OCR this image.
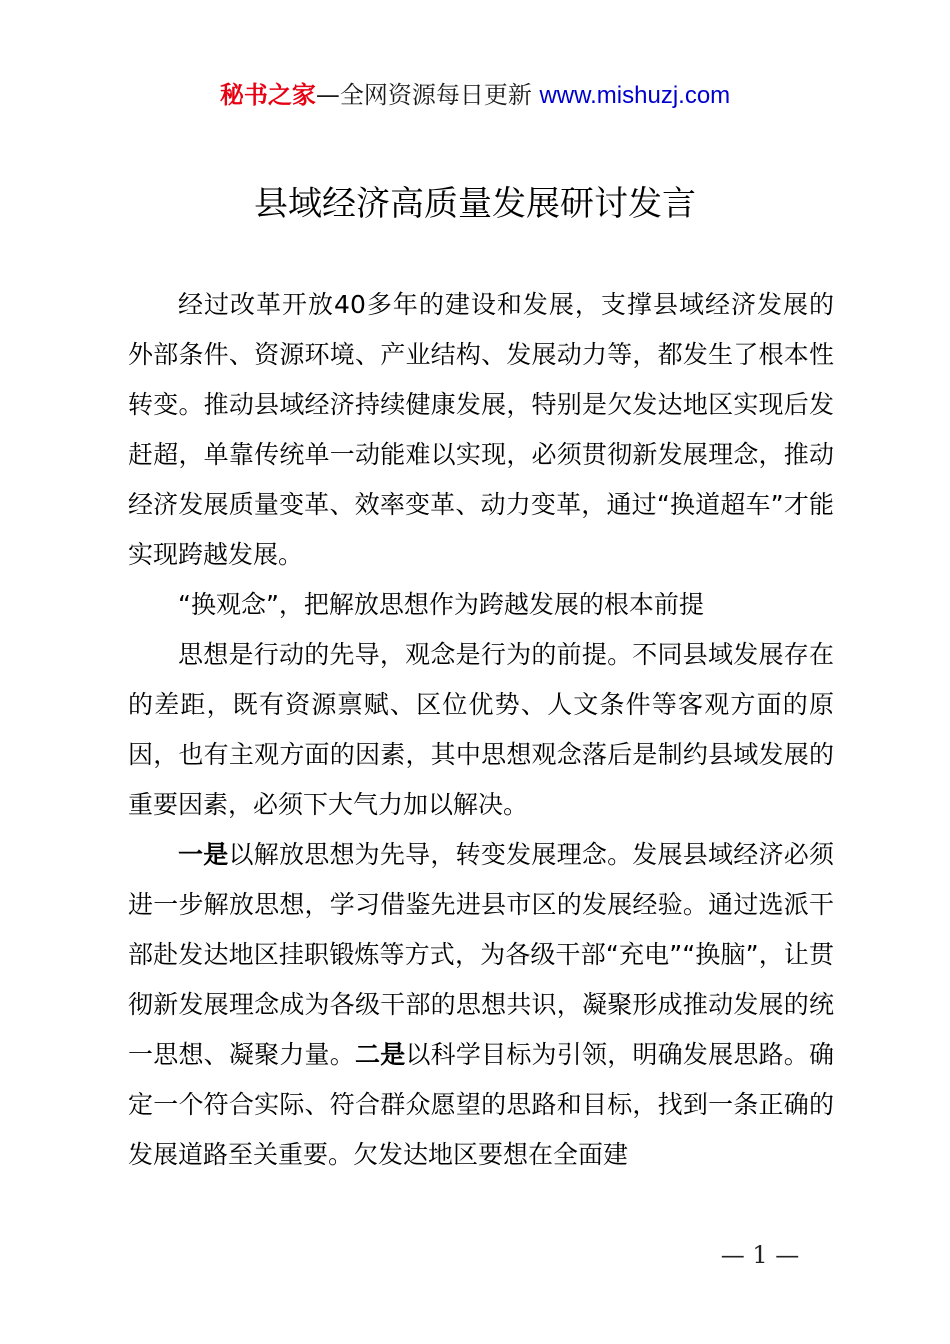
秘书之家—全网资源每日更新 www.mishuzj.com
县域经济高质量发展研讨发言

经过改革开放40多年的建设和发展，支撑县域经济发展的外部条件、资源环境、产业结构、发展动力等，都发生了根本性转变。推动县域经济持续健康发展，特别是欠发达地区实现后发赶超，单靠传统单一动能难以实现，必须贯彻新发展理念，推动经济发展质量变革、效率变革、动力变革，通过“换道超车”才能实现跨越发展。

“换观念”，把解放思想作为跨越发展的根本前提

思想是行动的先导，观念是行为的前提。不同县域发展存在的差距，既有资源禀赋、区位优势、人文条件等客观方面的原因，也有主观方面的因素，其中思想观念落后是制约县域发展的重要因素，必须下大气力加以解决。

一是以解放思想为先导，转变发展理念。发展县域经济必须进一步解放思想，学习借鉴先进县市区的发展经验。通过选派干部赴发达地区挂职锻炼等方式，为各级干部“充电”“换脑”，让贯彻新发展理念成为各级干部的思想共识，凝聚形成推动发展的统一思想、凝聚力量。二是以科学目标为引领，明确发展思路。确定一个符合实际、符合群众愿望的思路和目标，找到一条正确的发展道路至关重要。欠发达地区要想在全面建

— 1 —
